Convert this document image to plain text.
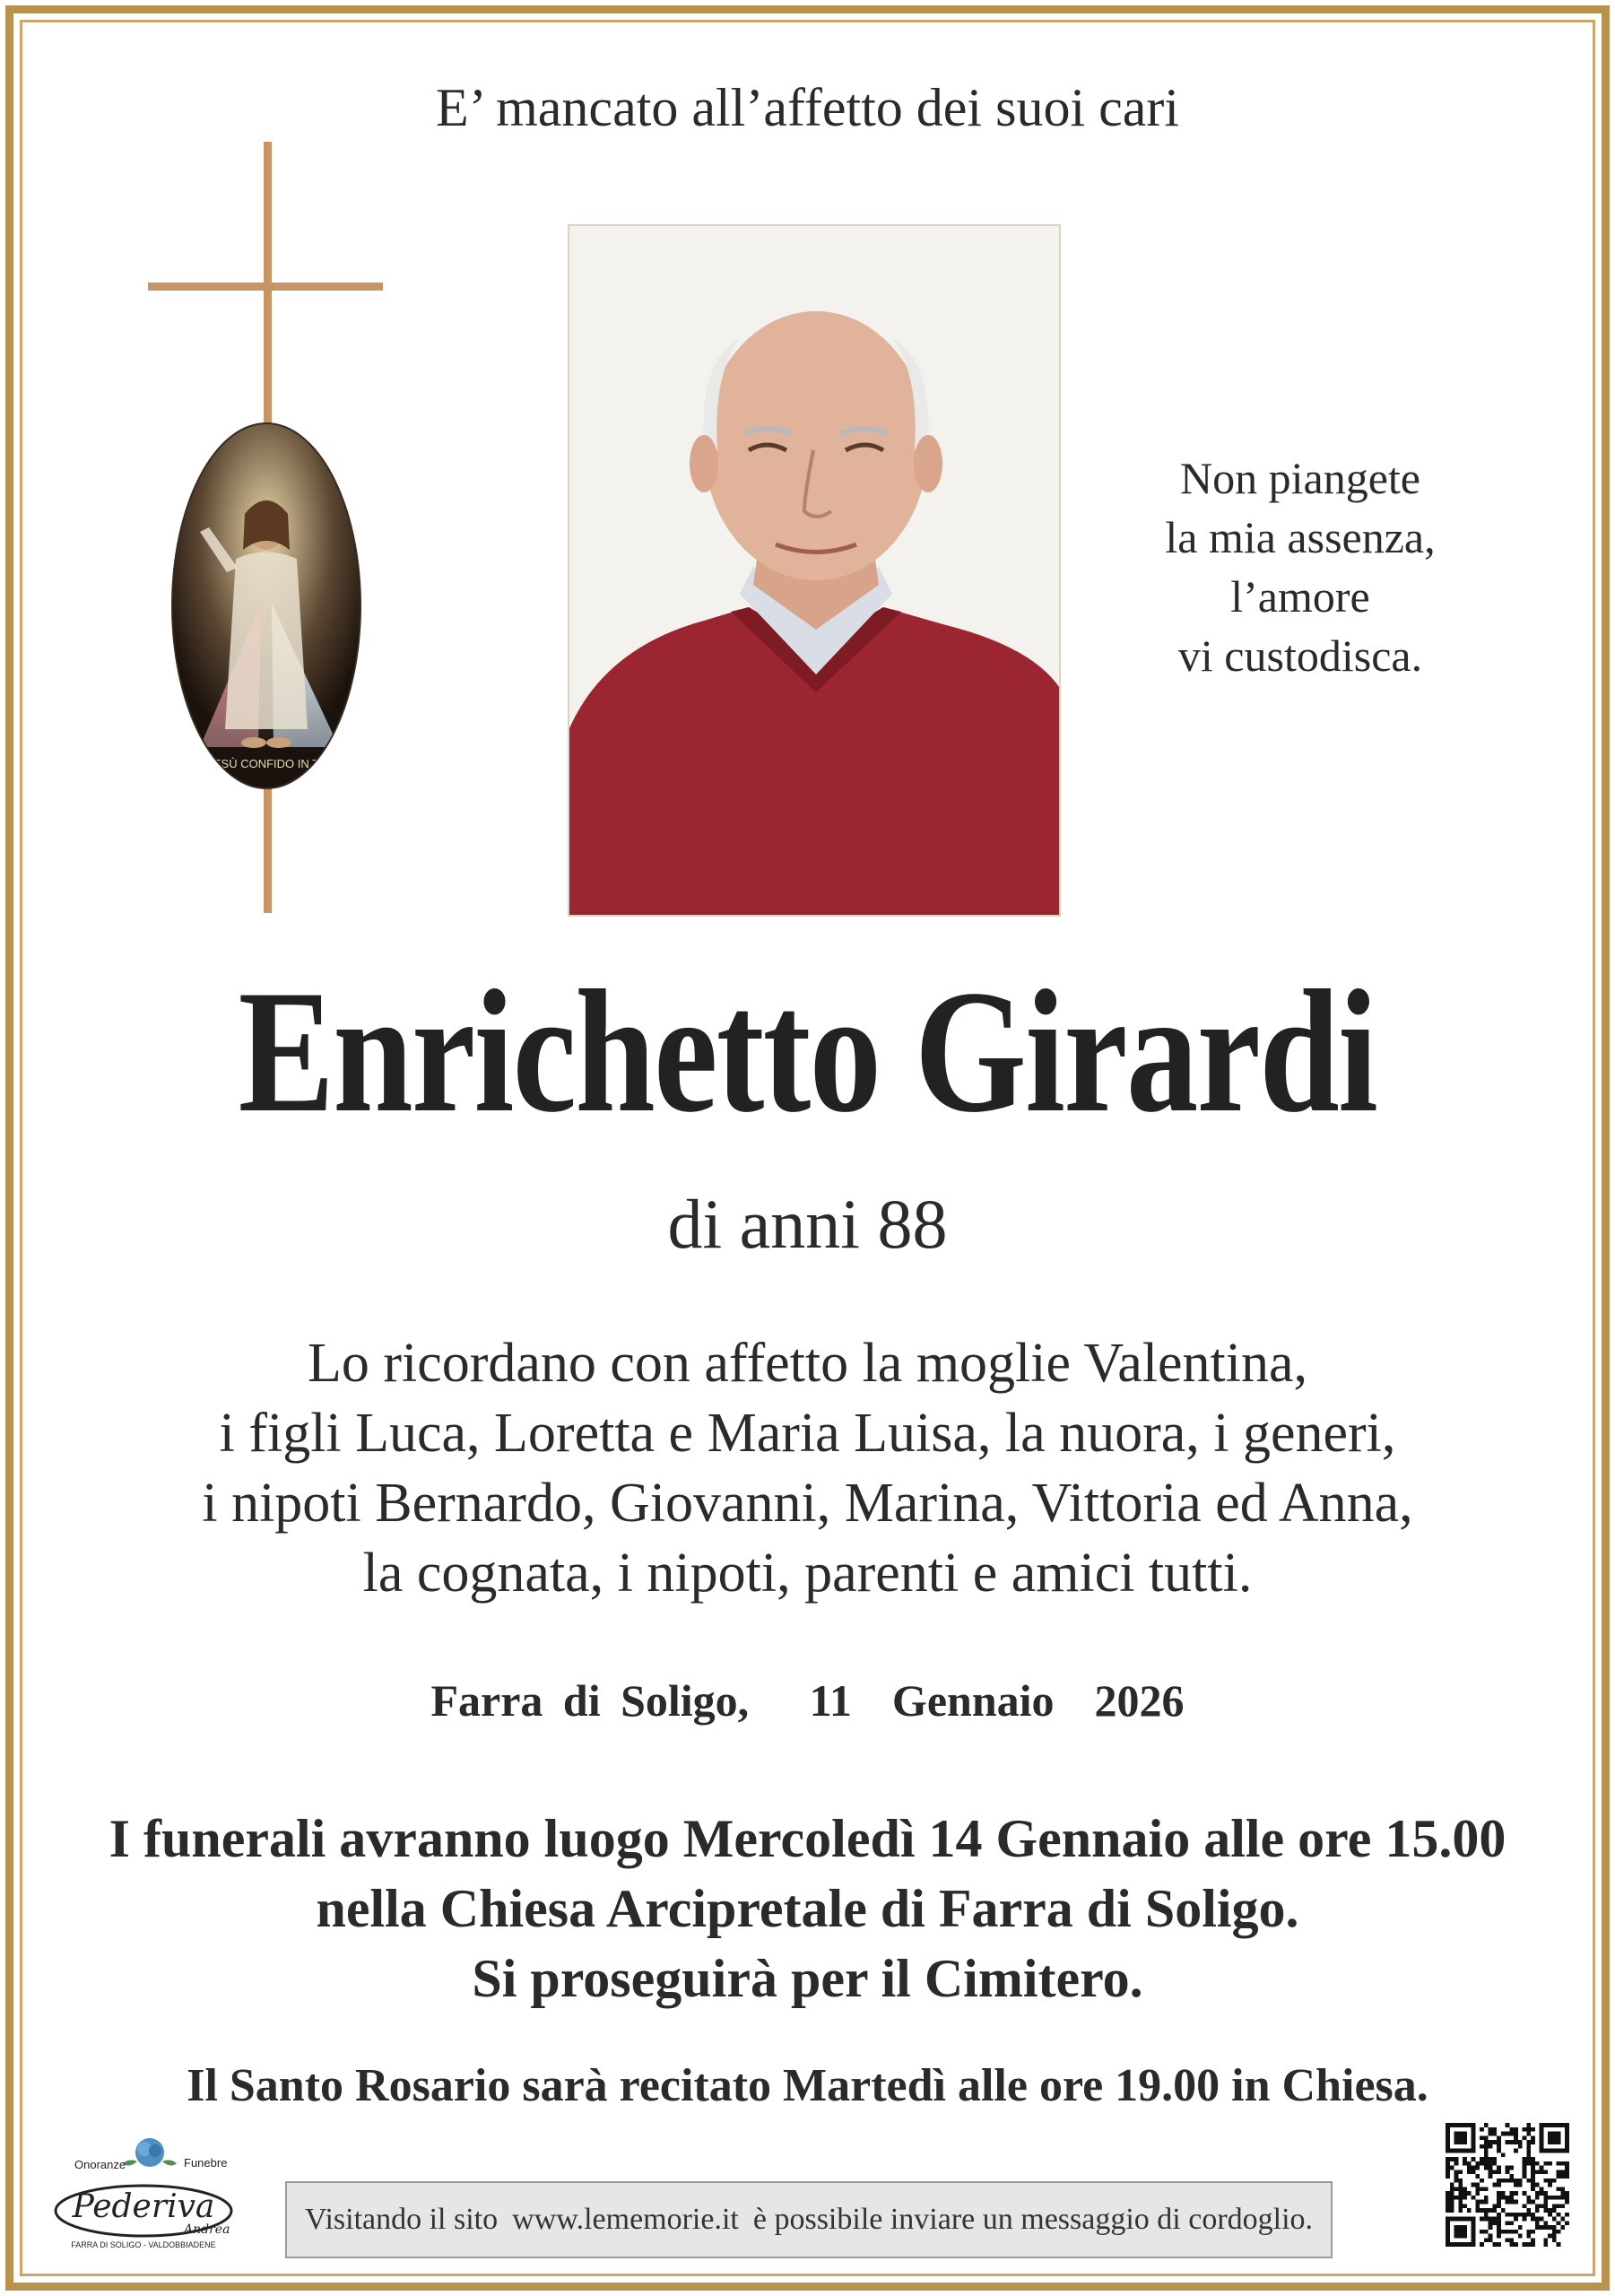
E’ mancato all’affetto dei suoi cari
ESÙ CONFIDO IN T
Non piangete
la mia assenza,
l’amore
vi custodisca.
Enrichetto Girardi
di anni 88
Lo ricordano con affetto la moglie Valentina,
i figli Luca, Loretta e Maria Luisa, la nuora, i generi,
i nipoti Bernardo, Giovanni, Marina, Vittoria ed Anna,
la cognata, i nipoti, parenti e amici tutti.
Farra di Soligo,   11  Gennaio  2026
I funerali avranno luogo Mercoledì 14 Gennaio alle ore 15.00
nella Chiesa Arcipretale di Farra di Soligo.
Si proseguirà per il Cimitero.
Il Santo Rosario sarà recitato Martedì alle ore 19.00 in Chiesa.
Onoranze	Funebre
Pederiva
Andrea
FARRA DI SOLIGO - VALDOBBIADENE
Visitando il sito www.lememorie.it è possibile inviare un messaggio di cordoglio.
